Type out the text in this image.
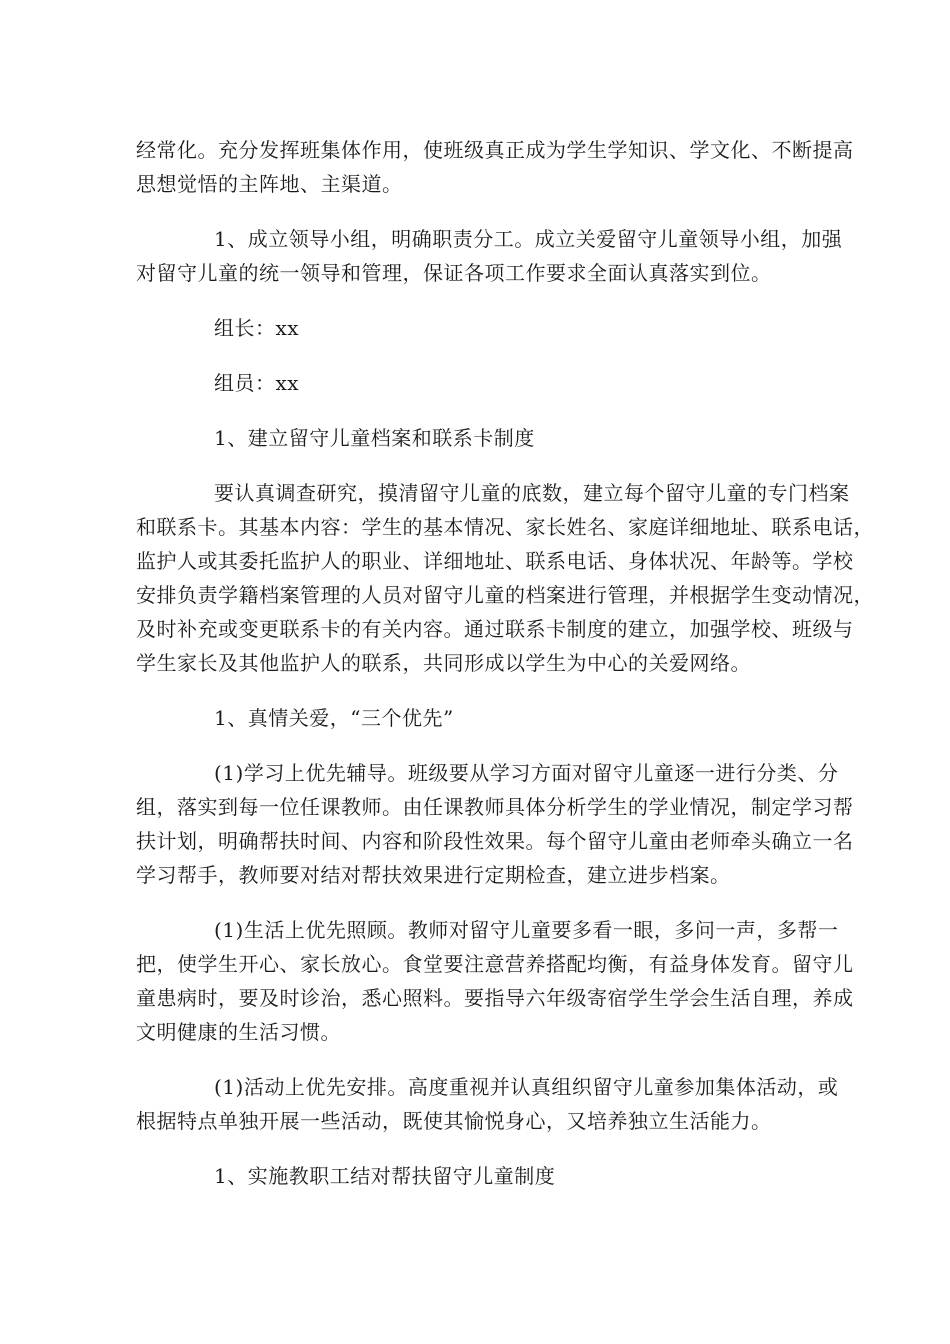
经常化。充分发挥班集体作用，使班级真正成为学生学知识、学文化、不断提高
思想觉悟的主阵地、主渠道。
1、成立领导小组，明确职责分工。成立关爱留守儿童领导小组，加强
对留守儿童的统一领导和管理，保证各项工作要求全面认真落实到位。
组长：xx
组员：xx
1、建立留守儿童档案和联系卡制度
要认真调查研究，摸清留守儿童的底数，建立每个留守儿童的专门档案
和联系卡。其基本内容：学生的基本情况、家长姓名、家庭详细地址、联系电话，
监护人或其委托监护人的职业、详细地址、联系电话、身体状况、年龄等。学校
安排负责学籍档案管理的人员对留守儿童的档案进行管理，并根据学生变动情况，
及时补充或变更联系卡的有关内容。通过联系卡制度的建立，加强学校、班级与
学生家长及其他监护人的联系，共同形成以学生为中心的关爱网络。
1、真情关爱，“三个优先”
(1)学习上优先辅导。班级要从学习方面对留守儿童逐一进行分类、分
组，落实到每一位任课教师。由任课教师具体分析学生的学业情况，制定学习帮
扶计划，明确帮扶时间、内容和阶段性效果。每个留守儿童由老师牵头确立一名
学习帮手，教师要对结对帮扶效果进行定期检查，建立进步档案。
(1)生活上优先照顾。教师对留守儿童要多看一眼，多问一声，多帮一
把，使学生开心、家长放心。食堂要注意营养搭配均衡，有益身体发育。留守儿
童患病时，要及时诊治，悉心照料。要指导六年级寄宿学生学会生活自理，养成
文明健康的生活习惯。
(1)活动上优先安排。高度重视并认真组织留守儿童参加集体活动，或
根据特点单独开展一些活动，既使其愉悦身心，又培养独立生活能力。
1、实施教职工结对帮扶留守儿童制度
